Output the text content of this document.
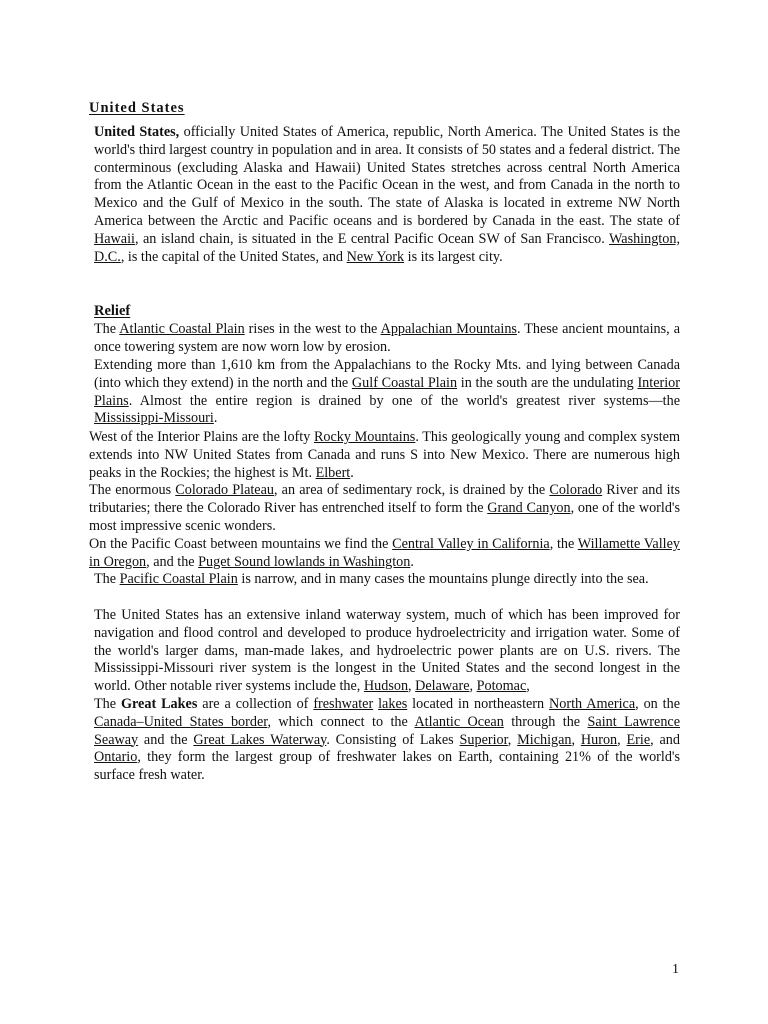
United States

United States, officially United States of America, republic, North America. The United States is the world's third largest country in population and in area. It consists of 50 states and a federal district. The conterminous (excluding Alaska and Hawaii) United States stretches across central North America from the Atlantic Ocean in the east to the Pacific Ocean in the west, and from Canada in the north to Mexico and the Gulf of Mexico in the south. The state of Alaska is located in extreme NW North America between the Arctic and Pacific oceans and is bordered by Canada in the east. The state of Hawaii, an island chain, is situated in the E central Pacific Ocean SW of San Francisco. Washington, D.C., is the capital of the United States, and New York is its largest city.

Relief

The Atlantic Coastal Plain rises in the west to the Appalachian Mountains. These ancient mountains, a once towering system are now worn low by erosion.

Extending more than 1,610 km from the Appalachians to the Rocky Mts. and lying between Canada (into which they extend) in the north and the Gulf Coastal Plain in the south are the undulating Interior Plains. Almost the entire region is drained by one of the world's greatest river systems—the Mississippi-Missouri.

West of the Interior Plains are the lofty Rocky Mountains. This geologically young and complex system extends into NW United States from Canada and runs S into New Mexico. There are numerous high peaks in the Rockies; the highest is Mt. Elbert.

The enormous Colorado Plateau, an area of sedimentary rock, is drained by the Colorado River and its tributaries; there the Colorado River has entrenched itself to form the Grand Canyon, one of the world's most impressive scenic wonders.

On the Pacific Coast between mountains we find the Central Valley in California, the Willamette Valley in Oregon, and the Puget Sound lowlands in Washington.

The Pacific Coastal Plain is narrow, and in many cases the mountains plunge directly into the sea.

The United States has an extensive inland waterway system, much of which has been improved for navigation and flood control and developed to produce hydroelectricity and irrigation water. Some of the world's larger dams, man-made lakes, and hydroelectric power plants are on U.S. rivers. The Mississippi-Missouri river system is the longest in the United States and the second longest in the world. Other notable river systems include the, Hudson, Delaware, Potomac,

The Great Lakes are a collection of freshwater lakes located in northeastern North America, on the Canada–United States border, which connect to the Atlantic Ocean through the Saint Lawrence Seaway and the Great Lakes Waterway. Consisting of Lakes Superior, Michigan, Huron, Erie, and Ontario, they form the largest group of freshwater lakes on Earth, containing 21% of the world's surface fresh water.

1
